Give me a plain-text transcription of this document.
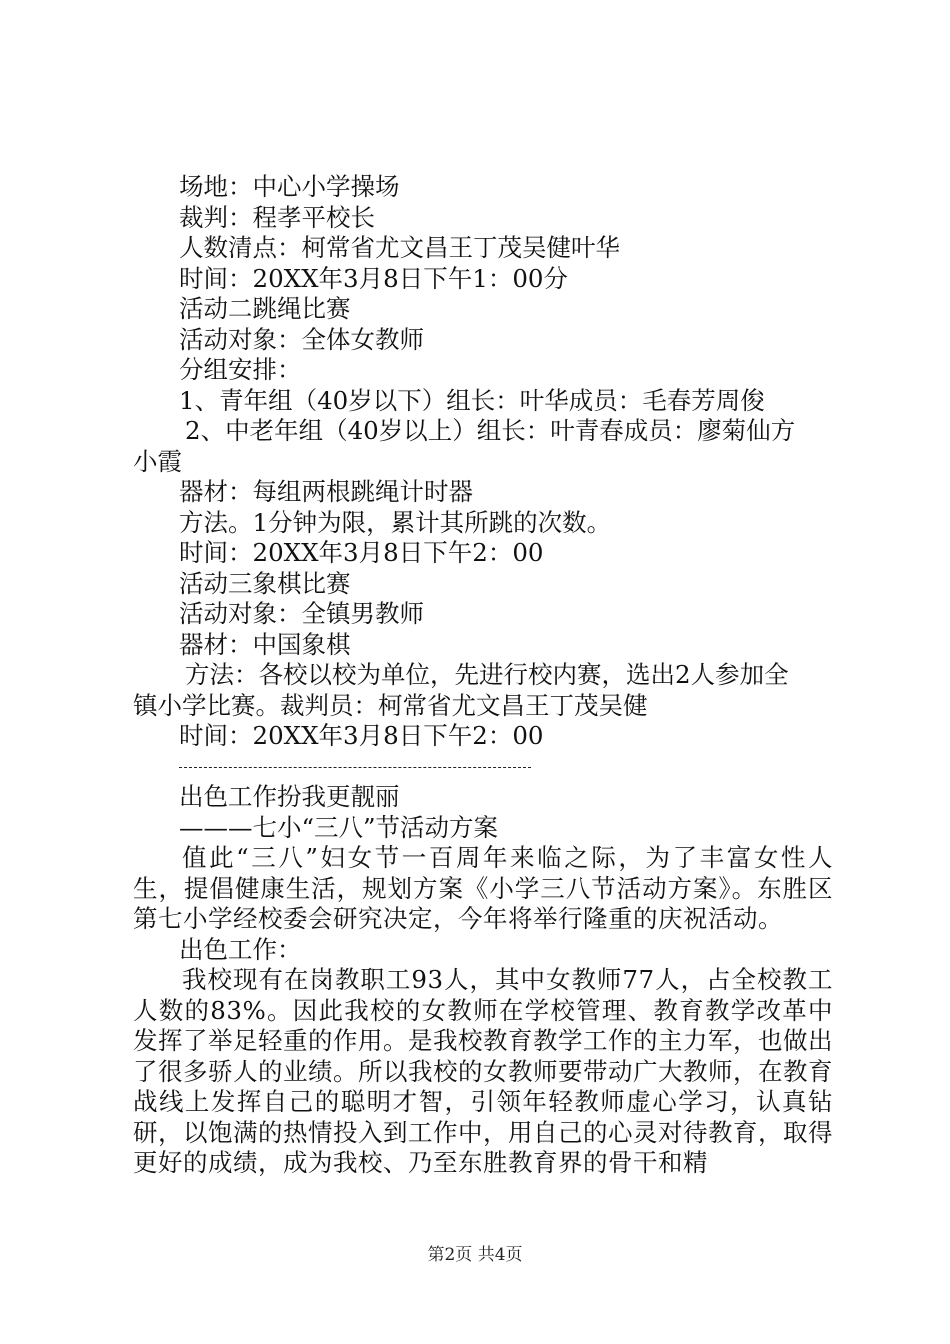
场地：中心小学操场
裁判：程孝平校长
人数清点：柯常省尤文昌王丁茂吴健叶华
时间：20XX年3月8日下午1：00分
活动二跳绳比赛
活动对象：全体女教师
分组安排：
1、青年组（40岁以下）组长：叶华成员：毛春芳周俊
2、中老年组（40岁以上）组长：叶青春成员：廖菊仙方
小霞
器材：每组两根跳绳计时器
方法。1分钟为限，累计其所跳的次数。
时间：20XX年3月8日下午2：00
活动三象棋比赛
活动对象：全镇男教师
器材：中国象棋
方法：各校以校为单位，先进行校内赛，选出2人参加全
镇小学比赛。裁判员：柯常省尤文昌王丁茂吴健
时间：20XX年3月8日下午2：00
出色工作扮我更靓丽
———七小“三八”节活动方案
值此“三八”妇女节一百周年来临之际，为了丰富女性人生，提倡健康生活，规划方案《小学三八节活动方案》。东胜区第七小学经校委会研究决定，今年将举行隆重的庆祝活动。
出色工作：
我校现有在岗教职工93人，其中女教师77人，占全校教工人数的83%。因此我校的女教师在学校管理、教育教学改革中发挥了举足轻重的作用。是我校教育教学工作的主力军，也做出了很多骄人的业绩。所以我校的女教师要带动广大教师，在教育战线上发挥自己的聪明才智，引领年轻教师虚心学习，认真钻研，以饱满的热情投入到工作中，用自己的心灵对待教育，取得更好的成绩，成为我校、乃至东胜教育界的骨干和精
第2页 共4页
